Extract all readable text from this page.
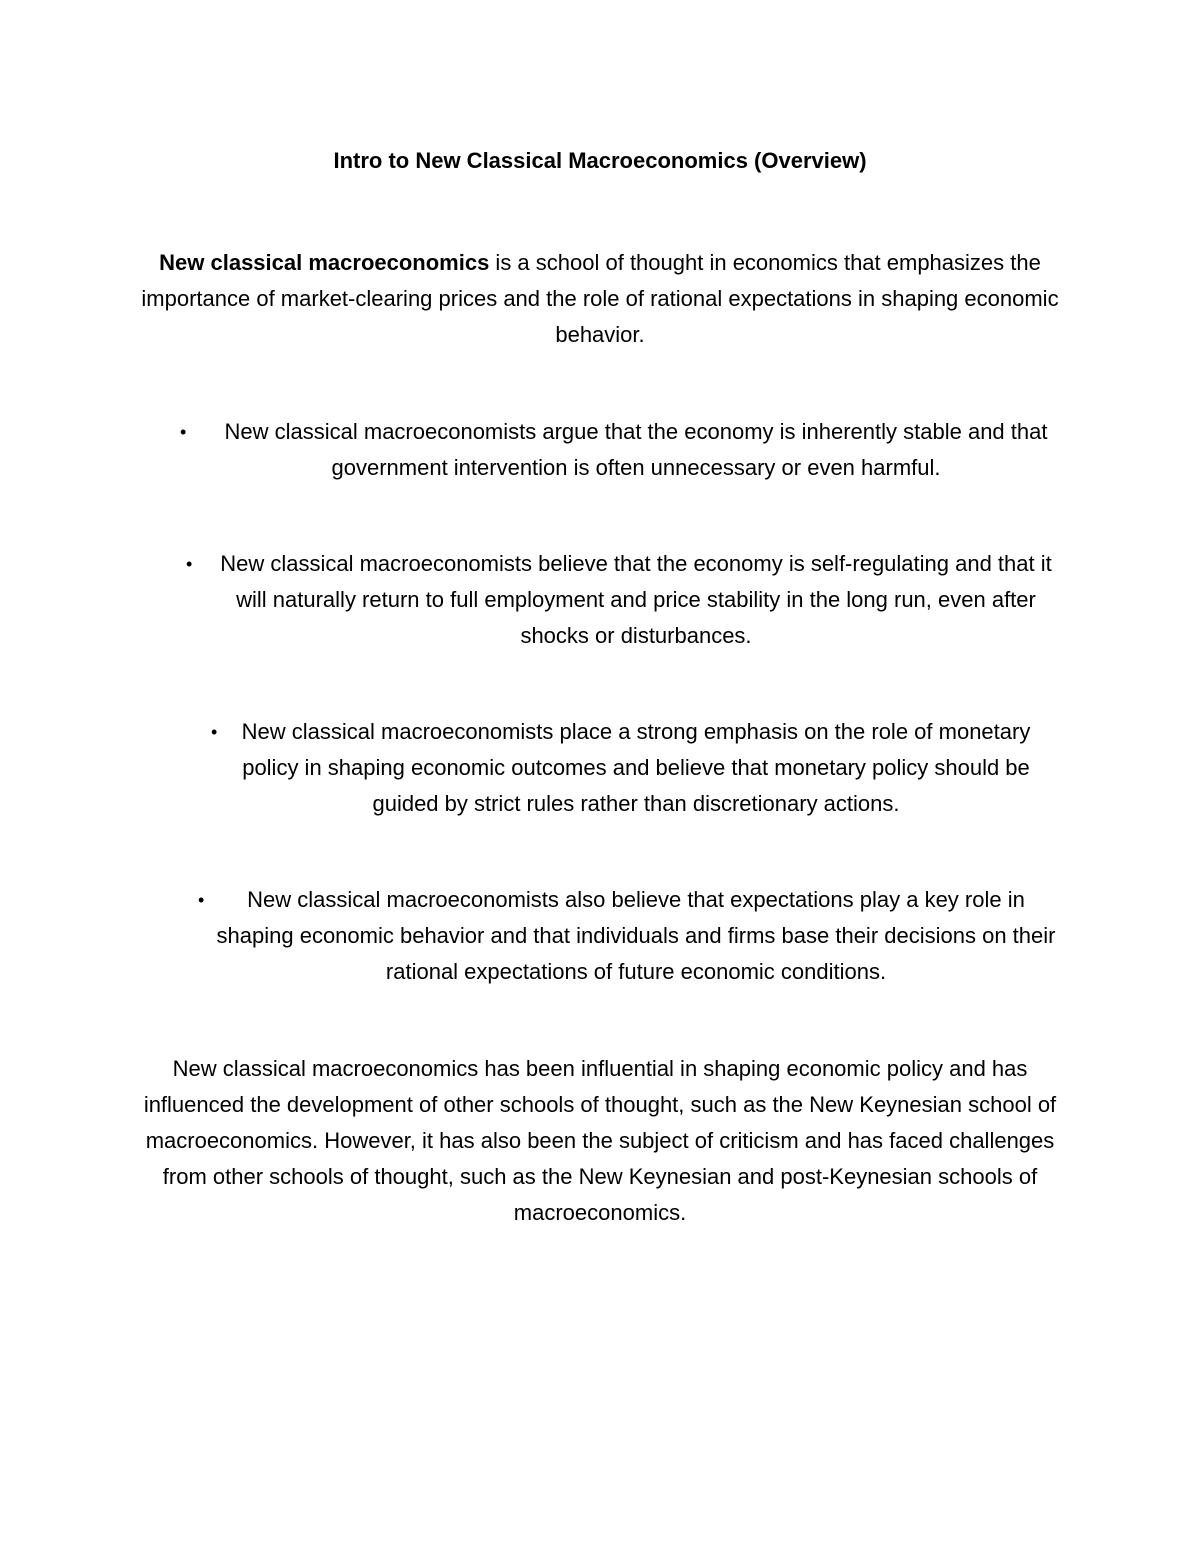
Intro to New Classical Macroeconomics (Overview)
New classical macroeconomics is a school of thought in economics that emphasizes the importance of market-clearing prices and the role of rational expectations in shaping economic behavior.
• New classical macroeconomists argue that the economy is inherently stable and that government intervention is often unnecessary or even harmful.
• New classical macroeconomists believe that the economy is self-regulating and that it will naturally return to full employment and price stability in the long run, even after shocks or disturbances.
• New classical macroeconomists place a strong emphasis on the role of monetary policy in shaping economic outcomes and believe that monetary policy should be guided by strict rules rather than discretionary actions.
• New classical macroeconomists also believe that expectations play a key role in shaping economic behavior and that individuals and firms base their decisions on their rational expectations of future economic conditions.
New classical macroeconomics has been influential in shaping economic policy and has influenced the development of other schools of thought, such as the New Keynesian school of macroeconomics. However, it has also been the subject of criticism and has faced challenges from other schools of thought, such as the New Keynesian and post-Keynesian schools of macroeconomics.
